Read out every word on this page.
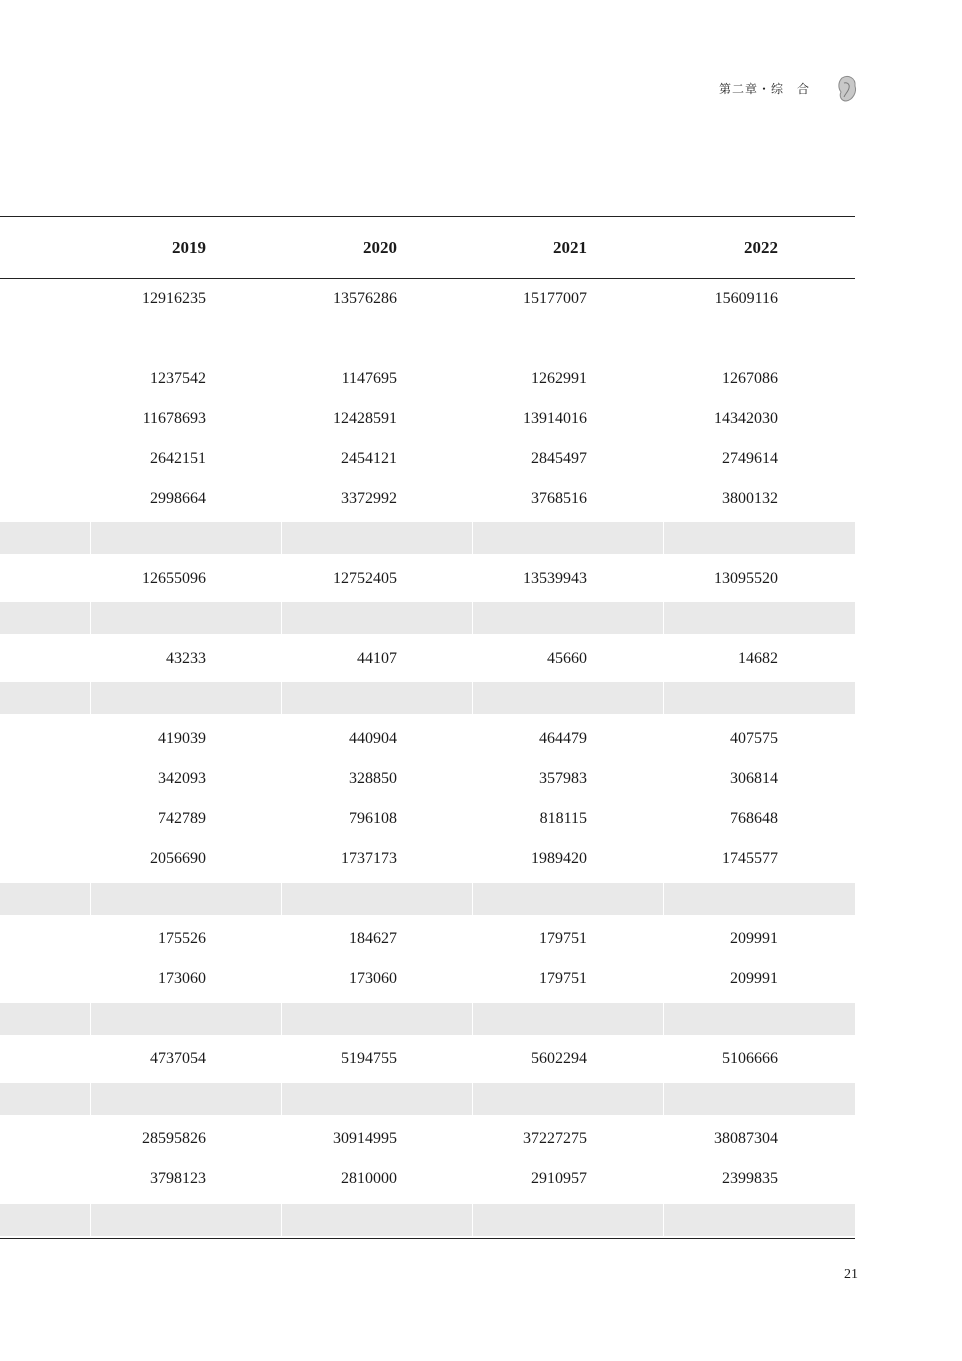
第二章・综　合
2019	2020	2021	2022
12916235	13576286	15177007	15609116
1237542	1147695	1262991	1267086
11678693	12428591	13914016	14342030
2642151	2454121	2845497	2749614
2998664	3372992	3768516	3800132
12655096	12752405	13539943	13095520
43233	44107	45660	14682
419039	440904	464479	407575
342093	328850	357983	306814
742789	796108	818115	768648
2056690	1737173	1989420	1745577
175526	184627	179751	209991
173060	173060	179751	209991
4737054	5194755	5602294	5106666
28595826	30914995	37227275	38087304
3798123	2810000	2910957	2399835
21
